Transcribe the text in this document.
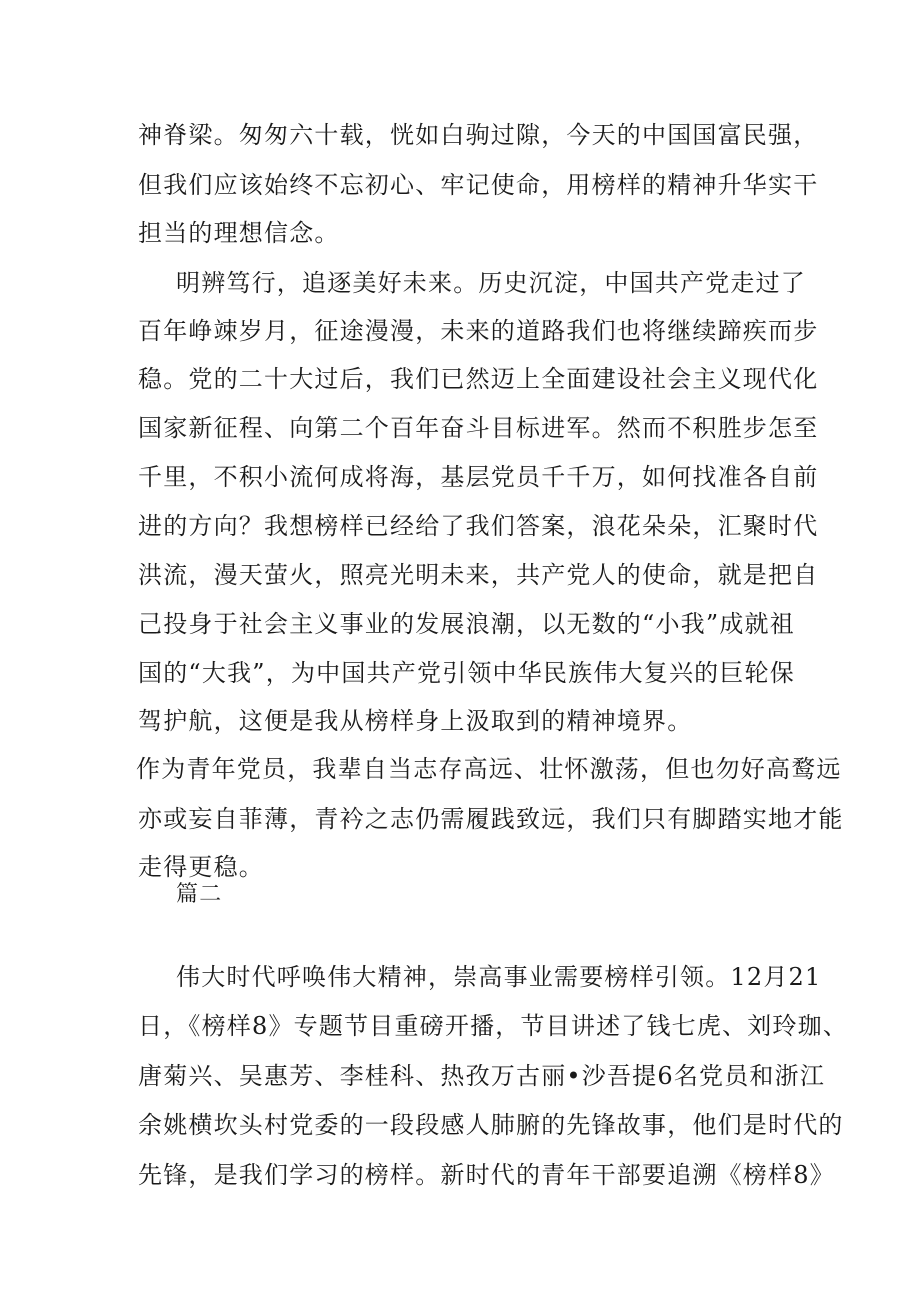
神脊梁。匆匆六十载，恍如白驹过隙，今天的中国国富民强，
但我们应该始终不忘初心、牢记使命，用榜样的精神升华实干
担当的理想信念。
明辨笃行，追逐美好未来。历史沉淀，中国共产党走过了
百年峥竦岁月，征途漫漫，未来的道路我们也将继续蹄疾而步
稳。党的二十大过后，我们已然迈上全面建设社会主义现代化
国家新征程、向第二个百年奋斗目标进军。然而不积胜步怎至
千里，不积小流何成将海，基层党员千千万，如何找准各自前
进的方向？我想榜样已经给了我们答案，浪花朵朵，汇聚时代
洪流，漫天萤火，照亮光明未来，共产党人的使命，就是把自
己投身于社会主义事业的发展浪潮，以无数的“小我”成就祖
国的“大我”，为中国共产党引领中华民族伟大复兴的巨轮保
驾护航，这便是我从榜样身上汲取到的精神境界。
作为青年党员，我辈自当志存高远、壮怀激荡，但也勿好高鹜远
亦或妄自菲薄，青衿之志仍需履践致远，我们只有脚踏实地才能
走得更稳。
篇二
伟大时代呼唤伟大精神，崇高事业需要榜样引领。12月21
日，《榜样8》专题节目重磅开播，节目讲述了钱七虎、刘玲珈、
唐菊兴、吴惠芳、李桂科、热孜万古丽•沙吾提6名党员和浙江
余姚横坎头村党委的一段段感人肺腑的先锋故事，他们是时代的
先锋，是我们学习的榜样。新时代的青年干部要追溯《榜样8》
